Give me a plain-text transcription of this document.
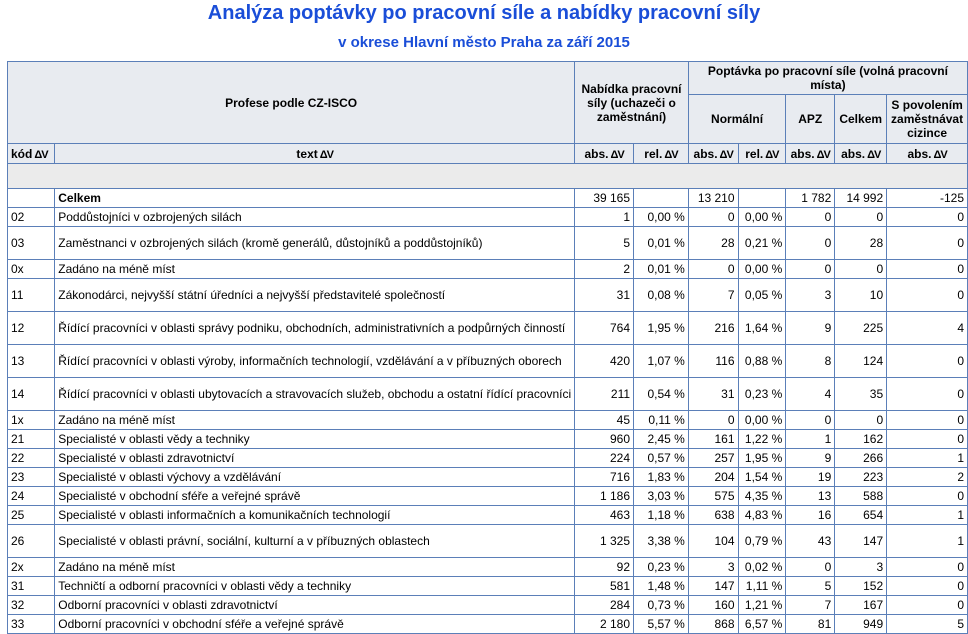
Analýza poptávky po pracovní síle a nabídky pracovní síly
v okrese Hlavní město Praha za září 2015
Profese podle CZ-ISCO		Nabídka pracovní síly (uchazeči o zaměstnání)		Poptávka po pracovní síle (volná pracovní místa)				
				Normální		APZ	Celkem	S povolením zaměstnávat cizince
kód ΔV	text ΔV	abs. ΔV	rel. ΔV	abs. ΔV	rel. ΔV	abs. ΔV	abs. ΔV	abs. ΔV

	Celkem	39 165		13 210		1 782	14 992	-125
02	Poddůstojníci v ozbrojených silách	1	0,00 %	0	0,00 %	0	0	0
03	Zaměstnanci v ozbrojených silách (kromě generálů, důstojníků a poddůstojníků)	5	0,01 %	28	0,21 %	0	28	0
0x	Zadáno na méně míst	2	0,01 %	0	0,00 %	0	0	0
11	Zákonodárci, nejvyšší státní úředníci a nejvyšší představitelé společností	31	0,08 %	7	0,05 %	3	10	0
12	Řídící pracovníci v oblasti správy podniku, obchodních, administrativních a podpůrných činností	764	1,95 %	216	1,64 %	9	225	4
13	Řídící pracovníci v oblasti výroby, informačních technologií, vzdělávání a v příbuzných oborech	420	1,07 %	116	0,88 %	8	124	0
14	Řídící pracovníci v oblasti ubytovacích a stravovacích služeb, obchodu a ostatní řídící pracovníci	211	0,54 %	31	0,23 %	4	35	0
1x	Zadáno na méně míst	45	0,11 %	0	0,00 %	0	0	0
21	Specialisté v oblasti vědy a techniky	960	2,45 %	161	1,22 %	1	162	0
22	Specialisté v oblasti zdravotnictví	224	0,57 %	257	1,95 %	9	266	1
23	Specialisté v oblasti výchovy a vzdělávání	716	1,83 %	204	1,54 %	19	223	2
24	Specialisté v obchodní sféře a veřejné správě	1 186	3,03 %	575	4,35 %	13	588	0
25	Specialisté v oblasti informačních a komunikačních technologií	463	1,18 %	638	4,83 %	16	654	1
26	Specialisté v oblasti právní, sociální, kulturní a v příbuzných oblastech	1 325	3,38 %	104	0,79 %	43	147	1
2x	Zadáno na méně míst	92	0,23 %	3	0,02 %	0	3	0
31	Techničtí a odborní pracovníci v oblasti vědy a techniky	581	1,48 %	147	1,11 %	5	152	0
32	Odborní pracovníci v oblasti zdravotnictví	284	0,73 %	160	1,21 %	7	167	0
33	Odborní pracovníci v obchodní sféře a veřejné správě	2 180	5,57 %	868	6,57 %	81	949	5
